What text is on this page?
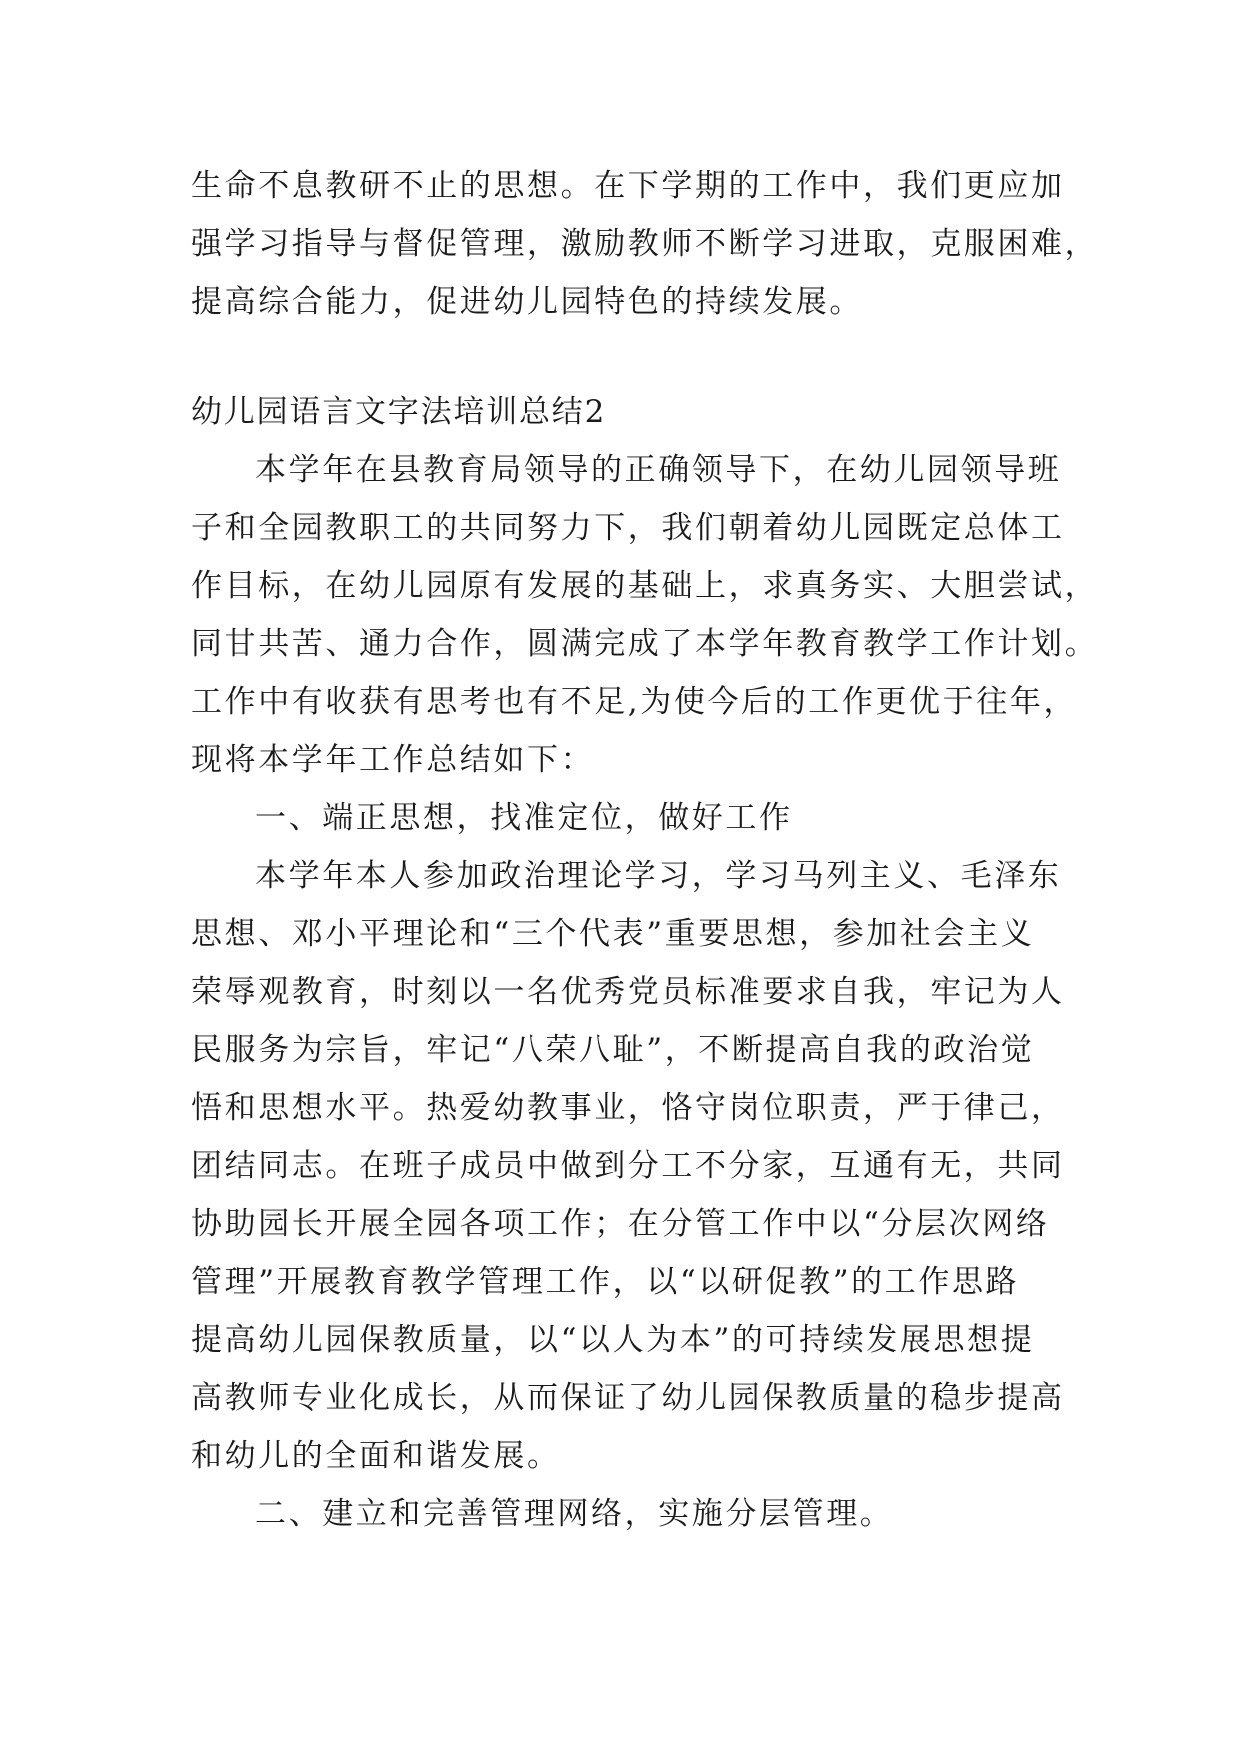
生命不息教研不止的思想。在下学期的工作中，我们更应加
强学习指导与督促管理，激励教师不断学习进取，克服困难，
提高综合能力，促进幼儿园特色的持续发展。
幼儿园语言文字法培训总结2
本学年在县教育局领导的正确领导下，在幼儿园领导班
子和全园教职工的共同努力下，我们朝着幼儿园既定总体工
作目标，在幼儿园原有发展的基础上，求真务实、大胆尝试，
同甘共苦、通力合作，圆满完成了本学年教育教学工作计划。
工作中有收获有思考也有不足,为使今后的工作更优于往年，
现将本学年工作总结如下：
一、端正思想，找准定位，做好工作
本学年本人参加政治理论学习，学习马列主义、毛泽东
思想、邓小平理论和“三个代表”重要思想，参加社会主义
荣辱观教育，时刻以一名优秀党员标准要求自我，牢记为人
民服务为宗旨，牢记“八荣八耻”，不断提高自我的政治觉
悟和思想水平。热爱幼教事业，恪守岗位职责，严于律己，
团结同志。在班子成员中做到分工不分家，互通有无，共同
协助园长开展全园各项工作；在分管工作中以“分层次网络
管理”开展教育教学管理工作，以“以研促教”的工作思路
提高幼儿园保教质量，以“以人为本”的可持续发展思想提
高教师专业化成长，从而保证了幼儿园保教质量的稳步提高
和幼儿的全面和谐发展。
二、建立和完善管理网络，实施分层管理。
